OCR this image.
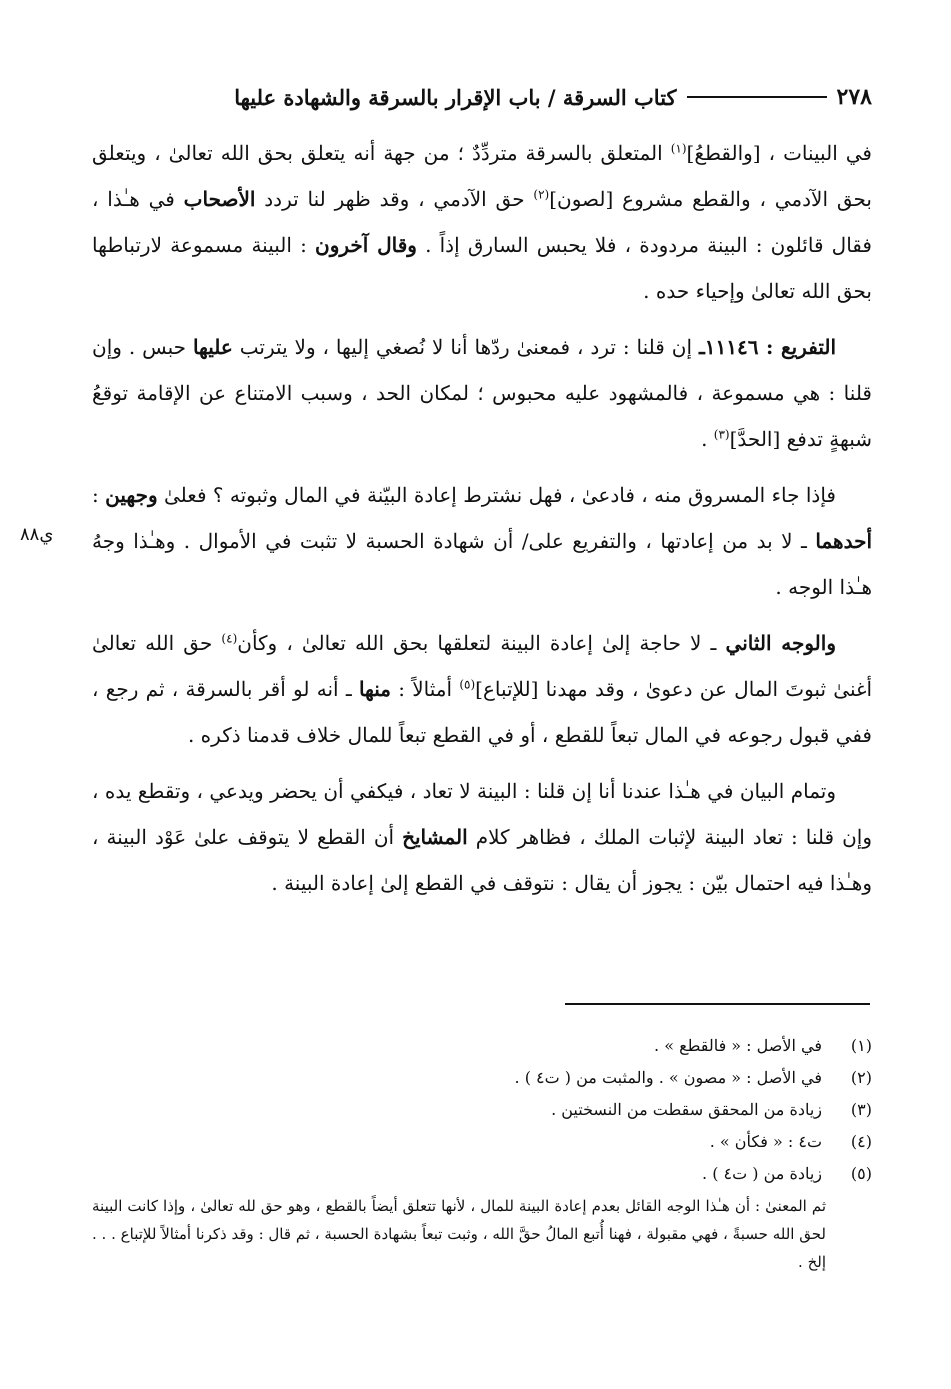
٢٧٨
كتاب السرقة / باب الإقرار بالسرقة والشهادة عليها
ي٨٨

في البينات ، [والقطعُ]$^{(١)}$ المتعلق بالسرقة متردِّدٌ ؛ من جهة أنه يتعلق بحق الله تعالىٰ ، ويتعلق بحق الآدمي ، والقطع مشروع [لصون]$^{(٢)}$ حق الآدمي ، وقد ظهر لنا تردد الأصحاب في هـٰذا ، فقال قائلون : البينة مردودة ، فلا يحبس السارق إذاً . وقال آخرون : البينة مسموعة لارتباطها بحق الله تعالىٰ وإحياء حده .

التفريع : ١١١٤٦ـ إن قلنا : ترد ، فمعنىٰ ردّها أنا لا نُصغي إليها ، ولا يترتب عليها حبس . وإن قلنا : هي مسموعة ، فالمشهود عليه محبوس ؛ لمكان الحد ، وسبب الامتناع عن الإقامة توقعُ شبهةٍ تدفع [الحدَّ]$^{(٣)}$ .

فإذا جاء المسروق منه ، فادعىٰ ، فهل نشترط إعادة البيّنة في المال وثبوته ؟ فعلىٰ وجهين : أحدهما ـ لا بد من إعادتها ، والتفريع على/ أن شهادة الحسبة لا تثبت في الأموال . وهـٰذا وجهُ هـٰذا الوجه .

والوجه الثاني ـ لا حاجة إلىٰ إعادة البينة لتعلقها بحق الله تعالىٰ ، وكأن$^{(٤)}$ حق الله تعالىٰ أغنىٰ ثبوتَ المال عن دعوىٰ ، وقد مهدنا [للإتباع]$^{(٥)}$ أمثالاً : منها ـ أنه لو أقر بالسرقة ، ثم رجع ، ففي قبول رجوعه في المال تبعاً للقطع ، أو في القطع تبعاً للمال خلاف قدمنا ذكره .

وتمام البيان في هـٰذا عندنا أنا إن قلنا : البينة لا تعاد ، فيكفي أن يحضر ويدعي ، وتقطع يده ، وإن قلنا : تعاد البينة لإثبات الملك ، فظاهر كلام المشايخ أن القطع لا يتوقف علىٰ عَوْد البينة ، وهـٰذا فيه احتمال بيّن : يجوز أن يقال : نتوقف في القطع إلىٰ إعادة البينة .

(١)
في الأصل : « فالقطع » .
(٢)
في الأصل : « مصون » . والمثبت من ( ت٤ ) .
(٣)
زيادة من المحقق سقطت من النسختين .
(٤)
ت٤ : « فكأن » .
(٥)
زيادة من ( ت٤ ) .
ثم المعنىٰ : أن هـٰذا الوجه القائل بعدم إعادة البينة للمال ، لأنها تتعلق أيضاً بالقطع ، وهو حق لله تعالىٰ ، وإذا كانت البينة لحق الله حسبةً ، فهي مقبولة ، فهنا أُتبع المالُ حقَّ الله ، وثبت تبعاً بشهادة الحسبة ، ثم قال : وقد ذكرنا أمثالاً للإتباع . . . إلخ .
